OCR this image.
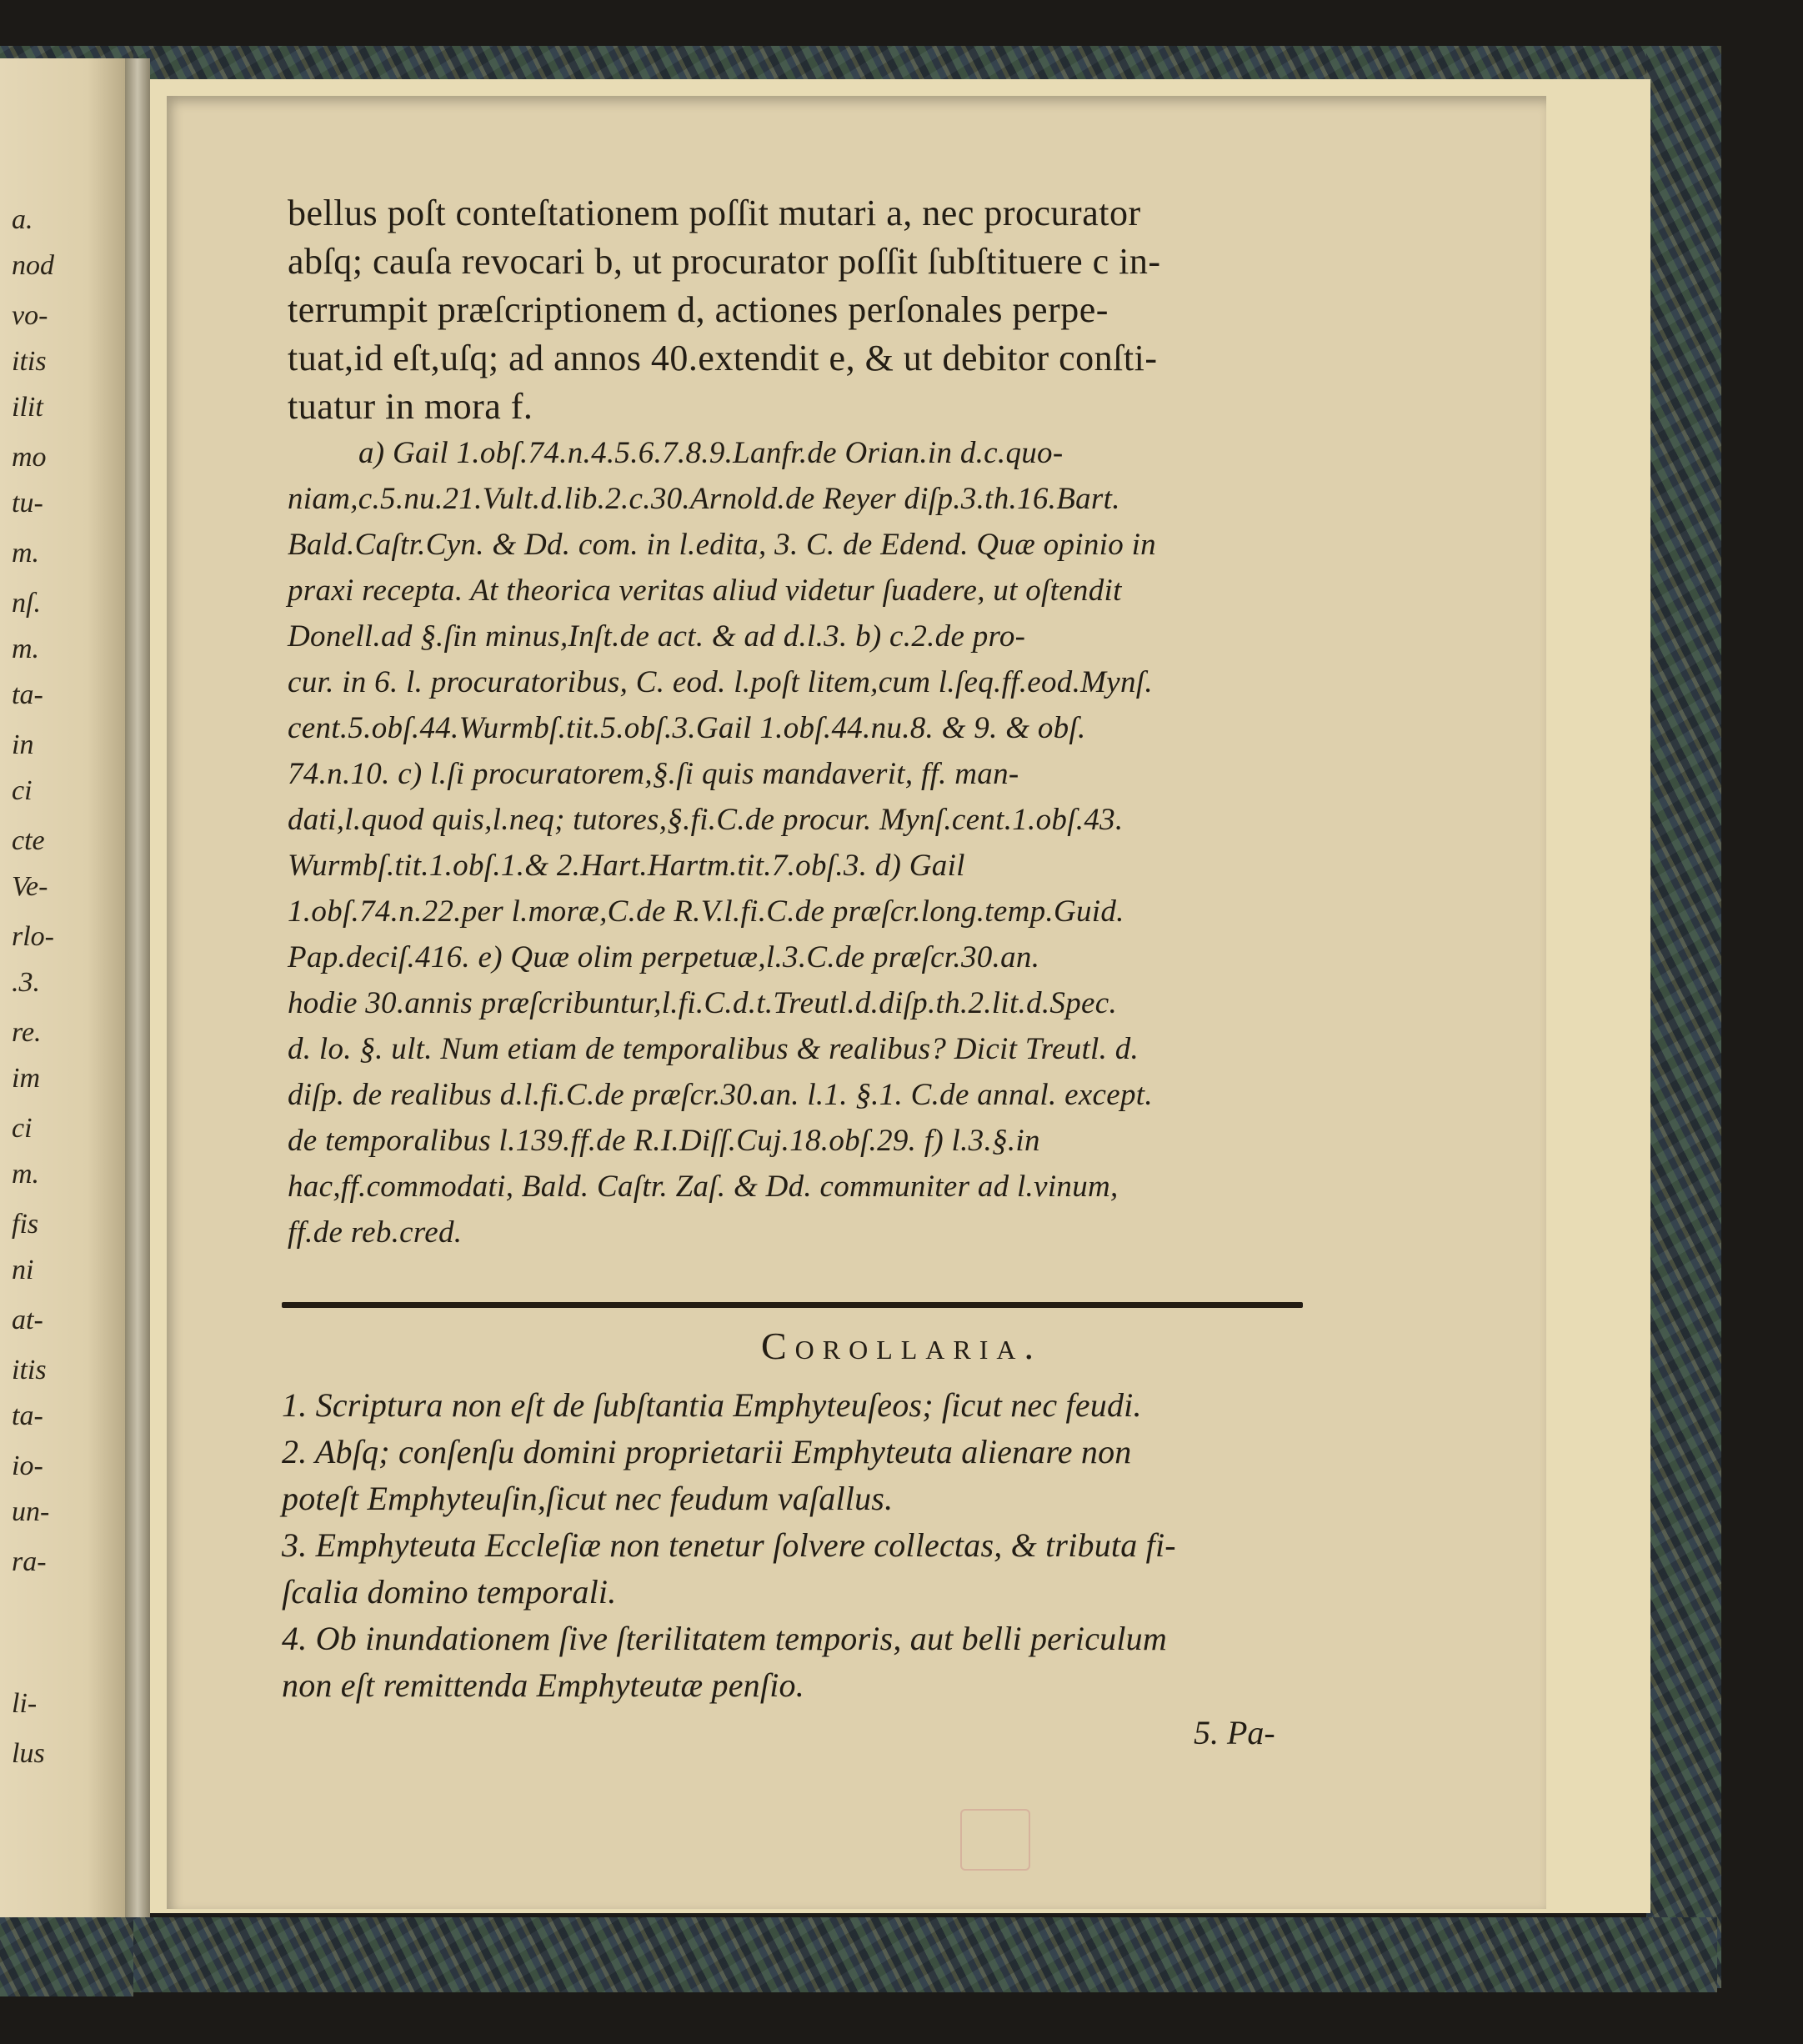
a.
nod
vo-
itis
ilit
mo
tu-
m.
nſ.
m.
ta-
in
ci
cte
Ve-
rlo-
.3.
re.
im
ci
m.
fis
ni
at-
itis
ta-
io-
un-
ra-
li-
lus
bellus poſt conteſtationem poſſit mutari a, nec procurator
abſq; cauſa revocari b, ut procurator poſſit ſubſtituere c in-
terrumpit præſcriptionem d, actiones perſonales perpe-
tuat,id eſt,uſq; ad annos 40.extendit e, & ut debitor conſti-
tuatur in mora f.
a) Gail 1.obſ.74.n.4.5.6.7.8.9.Lanfr.de Orian.in d.c.quo-
niam,c.5.nu.21.Vult.d.lib.2.c.30.Arnold.de Reyer diſp.3.th.16.Bart.
Bald.Caſtr.Cyn. & Dd. com. in l.edita, 3. C. de Edend. Quæ opinio in
praxi recepta. At theorica veritas aliud videtur ſuadere, ut oſtendit
Donell.ad §.ſin minus,Inſt.de act. & ad d.l.3. b) c.2.de pro-
cur. in 6. l. procuratoribus, C. eod. l.poſt litem,cum l.ſeq.ff.eod.Mynſ.
cent.5.obſ.44.Wurmbſ.tit.5.obſ.3.Gail 1.obſ.44.nu.8. & 9. & obſ.
74.n.10. c) l.ſi procuratorem,§.ſi quis mandaverit, ff. man-
dati,l.quod quis,l.neq; tutores,§.fi.C.de procur. Mynſ.cent.1.obſ.43.
Wurmbſ.tit.1.obſ.1.& 2.Hart.Hartm.tit.7.obſ.3. d) Gail
1.obſ.74.n.22.per l.moræ,C.de R.V.l.fi.C.de præſcr.long.temp.Guid.
Pap.deciſ.416. e) Quæ olim perpetuæ,l.3.C.de præſcr.30.an.
hodie 30.annis præſcribuntur,l.fi.C.d.t.Treutl.d.diſp.th.2.lit.d.Spec.
d. lo. §. ult. Num etiam de temporalibus & realibus? Dicit Treutl. d.
diſp. de realibus d.l.fi.C.de præſcr.30.an. l.1. §.1. C.de annal. except.
de temporalibus l.139.ff.de R.I.Diſſ.Cuj.18.obſ.29. f) l.3.§.in
hac,ff.commodati, Bald. Caſtr. Zaſ. & Dd. communiter ad l.vinum,
ff.de reb.cred.
Corollaria.
1. Scriptura non eſt de ſubſtantia Emphyteuſeos; ſicut nec feudi.
2. Abſq; conſenſu domini proprietarii Emphyteuta alienare non
poteſt Emphyteuſin,ſicut nec feudum vaſallus.
3. Emphyteuta Eccleſiæ non tenetur ſolvere collectas, & tributa fi-
ſcalia domino temporali.
4. Ob inundationem ſive ſterilitatem temporis, aut belli periculum
non eſt remittenda Emphyteutæ penſio.
5. Pa-
